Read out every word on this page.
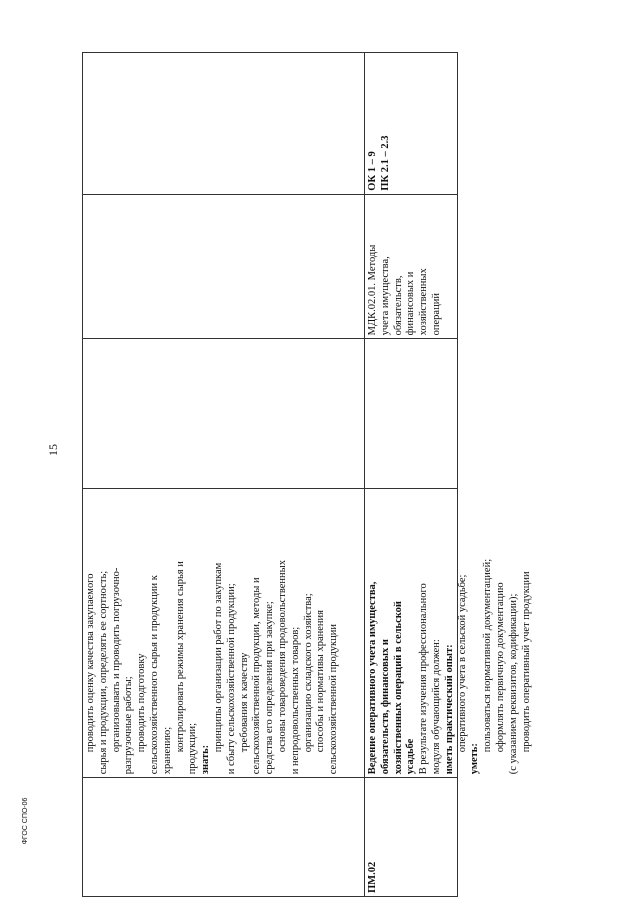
15
ФГОС СПО-06
проводить оценку качества закупаемого сырья и продукции, определять ее сортность; организовывать и проводить погрузочно- разгрузочные работы; проводить подготовку сельскохозяйственного сырья и продукции к хранению; контролировать режимы хранения сырья и продукции; знать:
принципы организации работ по закупкам и сбыту сельскохозяйственной продукции; требования к качеству сельскохозяйственной продукции, методы и средства его определения при закупке; основы товароведения продовольственных и непродовольственных товаров; организацию складского хозяйства; способы и нормативы хранения сельскохозяйственной продукции
ПМ.02
Ведение оперативного учета имущества, обязательств, финансовых и хозяйственных операций в сельской усадьбе В результате изучения профессионального модуля обучающийся должен: иметь практический опыт: оперативного учета в сельской усадьбе;
уметь:
пользоваться нормативной документацией; оформлять первичную документацию (с указанием реквизитов, кодификации); проводить оперативный учет продукции
МДК.02.01. Методы учета имущества, обязательств, финансовых и хозяйственных операций
ОК 1 – 9 ПК 2.1 – 2.3
